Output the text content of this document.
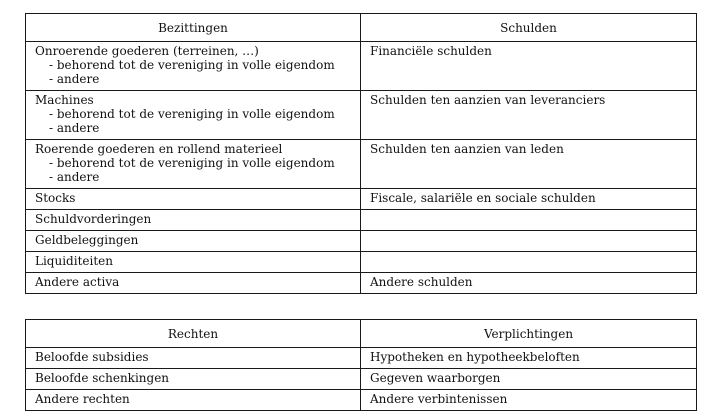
Bezittingen	Schulden

Onroerende goederen (terreinen, …)
- behorend tot de vereniging in volle eigendom
- andere	Financiële schulden

Machines
- behorend tot de vereniging in volle eigendom
- andere	Schulden ten aanzien van leveranciers

Roerende goederen en rollend materieel
- behorend tot de vereniging in volle eigendom
- andere	Schulden ten aanzien van leden
Stocks	Fiscale, salariële en sociale schulden
Schuldvorderingen	
Geldbeleggingen	
Liquiditeiten	
Andere activa	Andere schulden
Rechten	Verplichtingen
Beloofde subsidies	Hypotheken en hypotheekbeloften
Beloofde schenkingen	Gegeven waarborgen
Andere rechten	Andere verbintenissen
